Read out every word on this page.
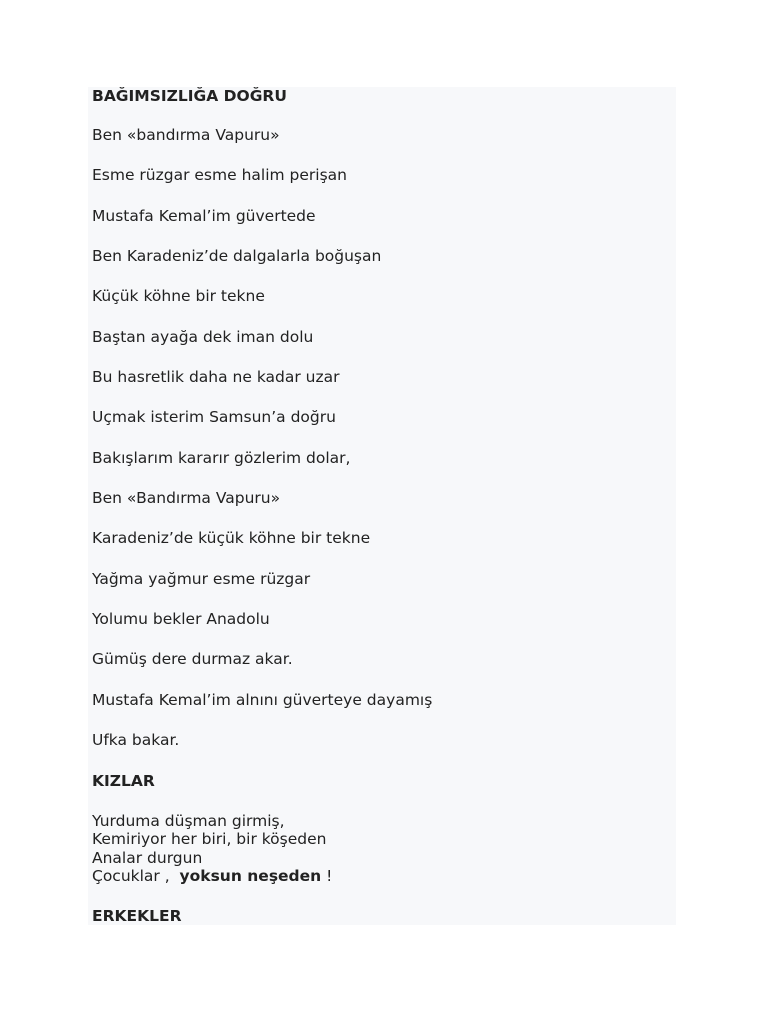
BAĞIMSIZLIĞA DOĞRU
Ben «bandırma Vapuru»
Esme rüzgar esme halim perişan
Mustafa Kemal’im güvertede
Ben Karadeniz’de dalgalarla boğuşan
Küçük köhne bir tekne
Baştan ayağa dek iman dolu
Bu hasretlik daha ne kadar uzar
Uçmak isterim Samsun’a doğru
Bakışlarım kararır gözlerim dolar,
Ben «Bandırma Vapuru»
Karadeniz’de küçük köhne bir tekne
Yağma yağmur esme rüzgar
Yolumu bekler Anadolu
Gümüş dere durmaz akar.
Mustafa Kemal’im alnını güverteye dayamış
Ufka bakar.
KIZLAR
Yurduma düşman girmiş,
Kemiriyor her biri, bir köşeden
Analar durgun
Çocuklar ,  yoksun neşeden !
ERKEKLER
